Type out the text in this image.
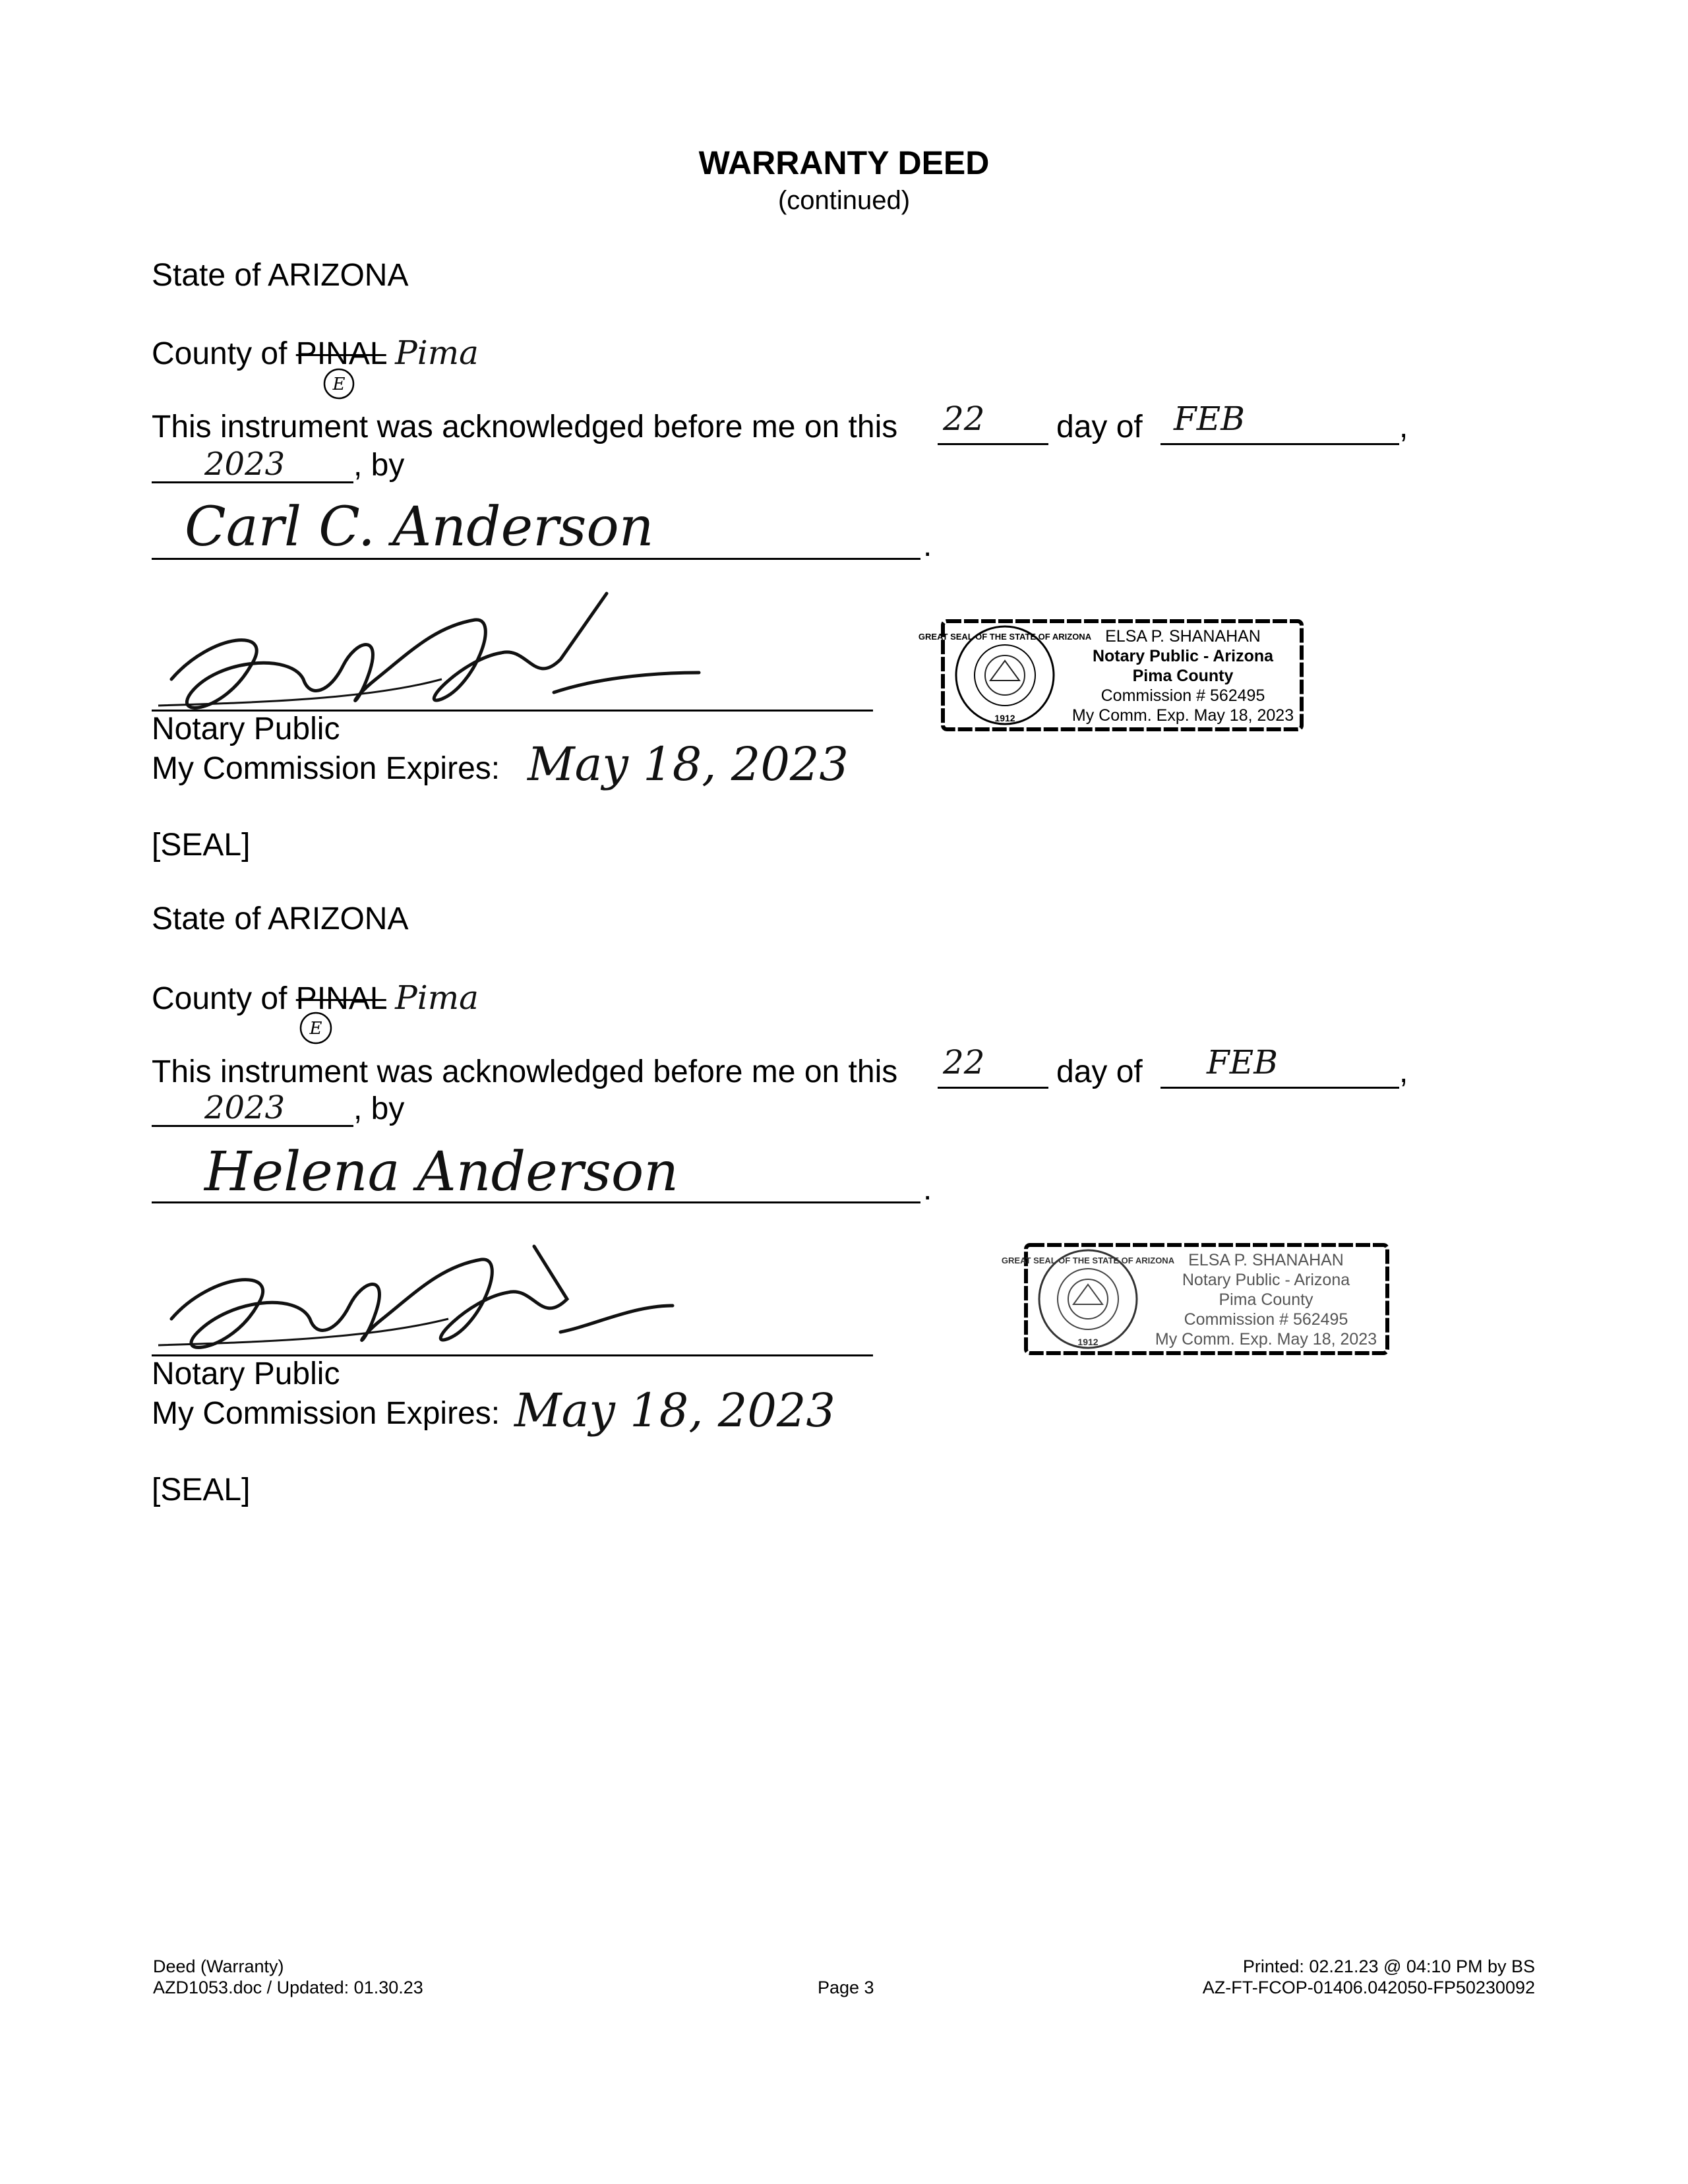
WARRANTY DEED
(continued)
State of ARIZONA
County of PINAL Pima
E
This instrument was acknowledged before me on this 22 day of FEB	,
2023 , by
Carl C. Anderson	.
Notary Public
My Commission Expires: May 18, 2023
[SEAL]
GREAT SEAL OF THE STATE OF ARIZONA
1912
ELSA P. SHANAHAN
Notary Public - Arizona
Pima County
Commission # 562495
My Comm. Exp. May 18, 2023
State of ARIZONA
County of PINAL Pima
E
This instrument was acknowledged before me on this 22 day of FEB	,
2023 , by
Helena Anderson	.
Notary Public
My Commission Expires: May 18, 2023
[SEAL]
GREAT SEAL OF THE STATE OF ARIZONA
1912
ELSA P. SHANAHAN
Notary Public - Arizona
Pima County
Commission # 562495
My Comm. Exp. May 18, 2023
Deed (Warranty)
AZD1053.doc / Updated: 01.30.23	Page 3
Printed: 02.21.23 @ 04:10 PM by BS
AZ-FT-FCOP-01406.042050-FP50230092
